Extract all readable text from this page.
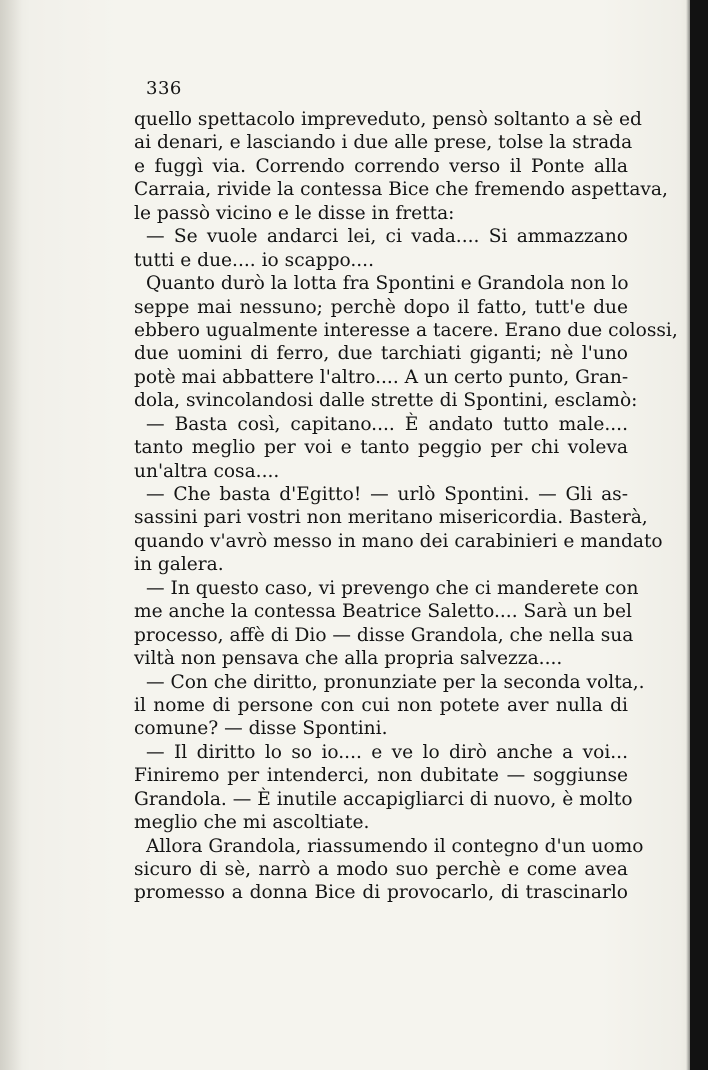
336
quello spettacolo impreveduto, pensò soltanto a sè ed
ai denari, e lasciando i due alle prese, tolse la strada
e fuggì via. Correndo correndo verso il Ponte alla
Carraia, rivide la contessa Bice che fremendo aspettava,
le passò vicino e le disse in fretta:
— Se vuole andarci lei, ci vada.... Si ammazzano
tutti e due.... io scappo....
Quanto durò la lotta fra Spontini e Grandola non lo
seppe mai nessuno; perchè dopo il fatto, tutt'e due
ebbero ugualmente interesse a tacere. Erano due colossi,
due uomini di ferro, due tarchiati giganti; nè l'uno
potè mai abbattere l'altro.... A un certo punto, Gran-
dola, svincolandosi dalle strette di Spontini, esclamò:
— Basta così, capitano.... È andato tutto male....
tanto meglio per voi e tanto peggio per chi voleva
un'altra cosa....
— Che basta d'Egitto! — urlò Spontini. — Gli as-
sassini pari vostri non meritano misericordia. Basterà,
quando v'avrò messo in mano dei carabinieri e mandato
in galera.
— In questo caso, vi prevengo che ci manderete con
me anche la contessa Beatrice Saletto.... Sarà un bel
processo, affè di Dio — disse Grandola, che nella sua
viltà non pensava che alla propria salvezza....
— Con che diritto, pronunziate per la seconda volta,.
il nome di persone con cui non potete aver nulla di
comune? — disse Spontini.
— Il diritto lo so io.... e ve lo dirò anche a voi...
Finiremo per intenderci, non dubitate — soggiunse
Grandola. — È inutile accapigliarci di nuovo, è molto
meglio che mi ascoltiate.
Allora Grandola, riassumendo il contegno d'un uomo
sicuro di sè, narrò a modo suo perchè e come avea
promesso a donna Bice di provocarlo, di trascinarlo
